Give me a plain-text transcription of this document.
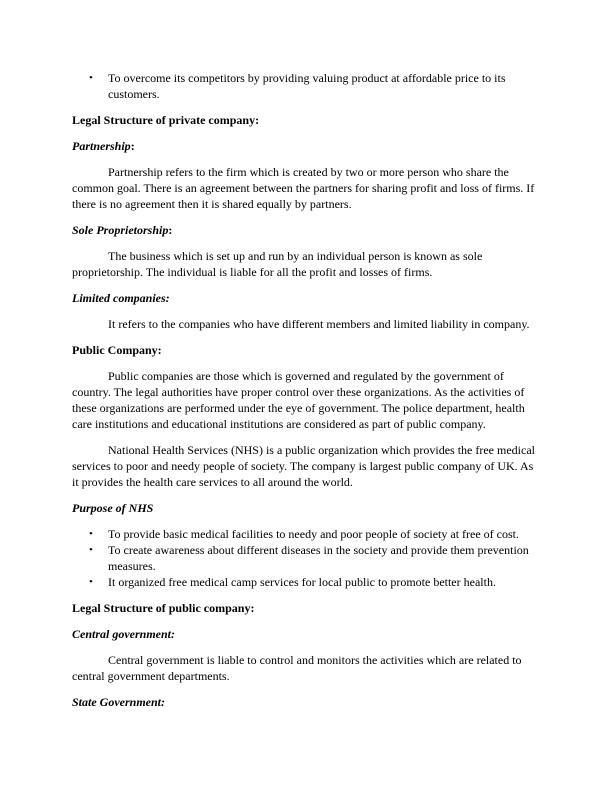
• To overcome its competitors by providing valuing product at affordable price to its customers.

Legal Structure of private company:

Partnership:

Partnership refers to the firm which is created by two or more person who share the common goal. There is an agreement between the partners for sharing profit and loss of firms. If there is no agreement then it is shared equally by partners.

Sole Proprietorship:

The business which is set up and run by an individual person is known as sole proprietorship. The individual is liable for all the profit and losses of firms.

Limited companies:

It refers to the companies who have different members and limited liability in company.

Public Company:

Public companies are those which is governed and regulated by the government of country. The legal authorities have proper control over these organizations. As the activities of these organizations are performed under the eye of government. The police department, health care institutions and educational institutions are considered as part of public company.

National Health Services (NHS) is a public organization which provides the free medical services to poor and needy people of society. The company is largest public company of UK. As it provides the health care services to all around the world.

Purpose of NHS

• To provide basic medical facilities to needy and poor people of society at free of cost.
• To create awareness about different diseases in the society and provide them prevention measures.
• It organized free medical camp services for local public to promote better health.

Legal Structure of public company:

Central government:

Central government is liable to control and monitors the activities which are related to central government departments.

State Government:
